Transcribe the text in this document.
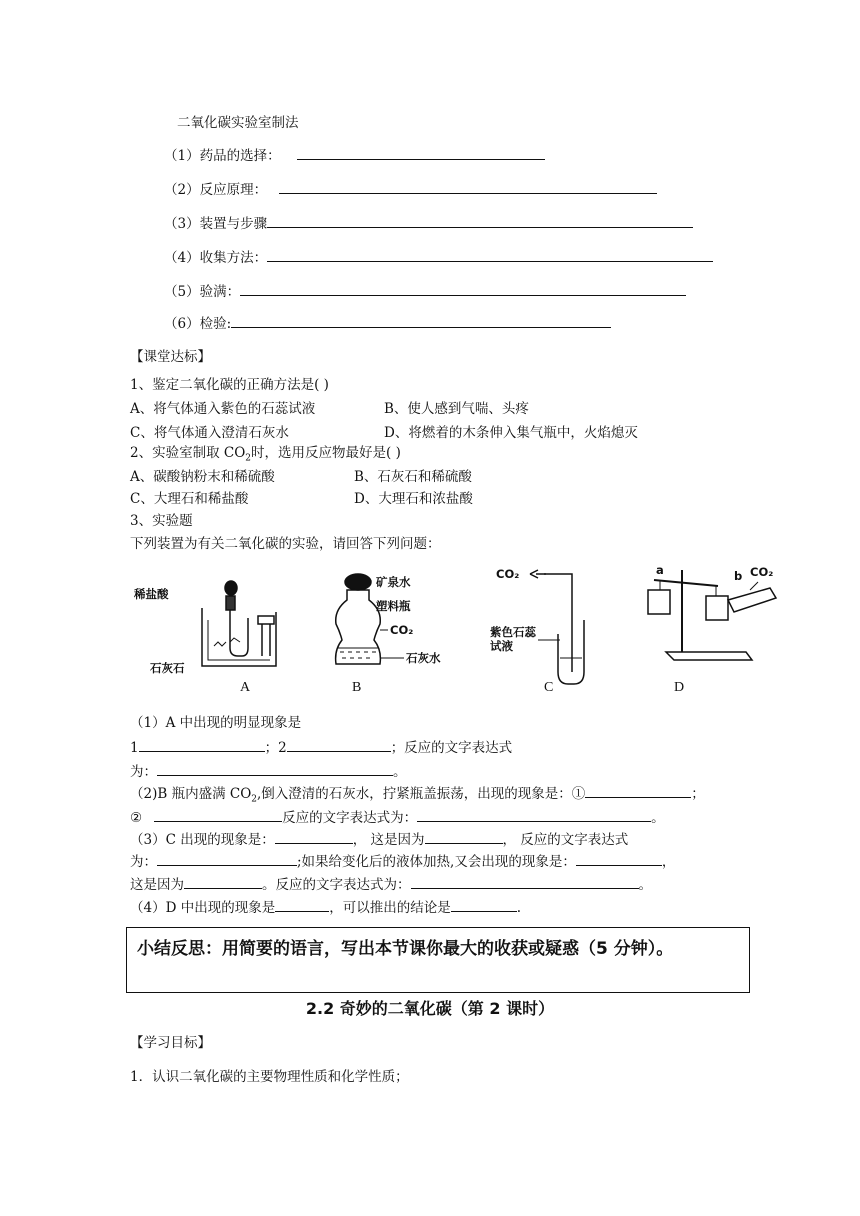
二氧化碳实验室制法
（1）药品的选择：
（2）反应原理：
（3）装置与步骤
（4）收集方法：
（5）验满：
（6）检验:
【课堂达标】
1、鉴定二氧化碳的正确方法是( )
A、将气体通入紫色的石蕊试液	B、使人感到气喘、头疼
C、将气体通入澄清石灰水	D、将燃着的木条伸入集气瓶中，火焰熄灭
2、实验室制取 $CO_2$时，选用反应物最好是( )
A、碳酸钠粉末和稀硫酸	B、石灰石和稀硫酸
C、大理石和稀盐酸	D、大理石和浓盐酸
3、实验题
下列装置为有关二氧化碳的实验，请回答下列问题：
稀盐酸
石灰石
矿泉水
塑料瓶
CO₂
石灰水
CO₂
紫色石蕊
试液
a	b CO₂
A	B	C	D
（1）A 中出现的明显现象是
1	；2	；反应的文字表达式
为：	。
（2)B 瓶内盛满 $CO_2$,倒入澄清的石灰水，拧紧瓶盖振荡，出现的现象是：①	；
②	反应的文字表达式为：	。
（3）C 出现的现象是：	， 这是因为	， 反应的文字表达式
为：	;如果给变化后的液体加热,又会出现的现象是：	，
这是因为	。反应的文字表达式为：	。
（4）D 中出现的现象是	，可以推出的结论是	.
小结反思：用简要的语言，写出本节课你最大的收获或疑惑（5 分钟）。
2.2 奇妙的二氧化碳（第 2 课时）
【学习目标】
1．认识二氧化碳的主要物理性质和化学性质；
